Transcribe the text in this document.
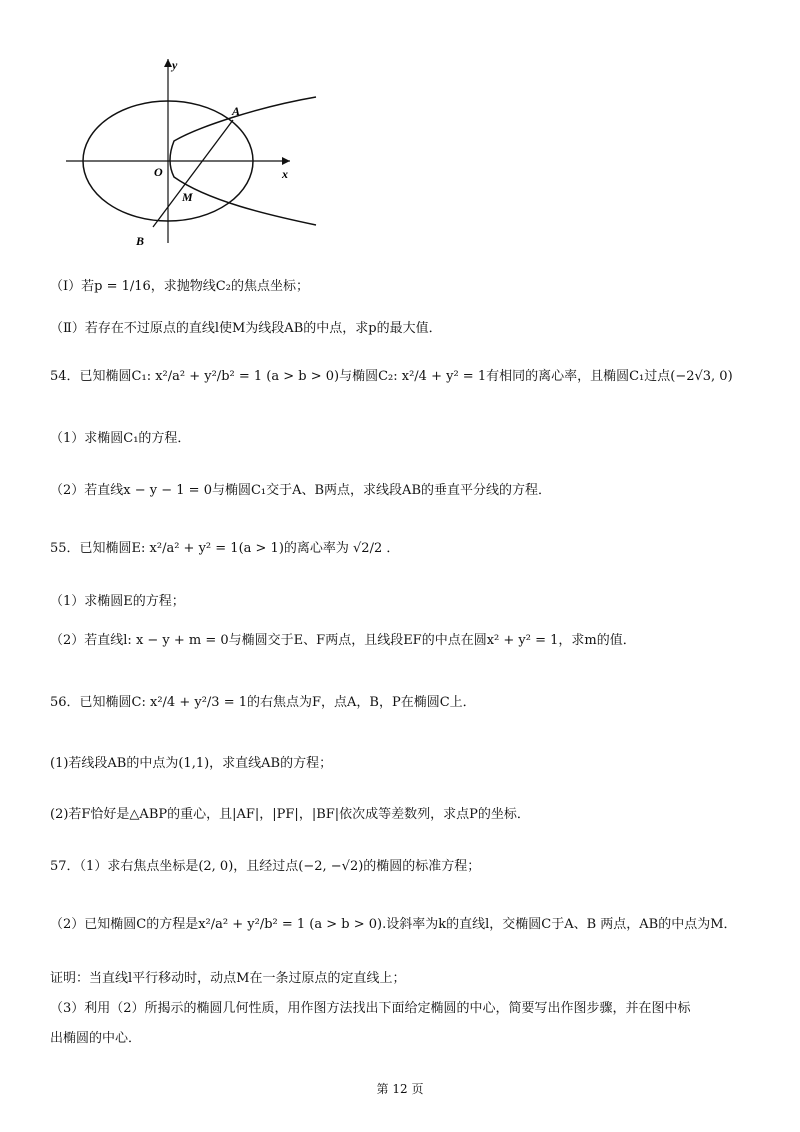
y
x
O
A
M
B
（Ⅰ）若p = 1/16，求抛物线C₂的焦点坐标；
（Ⅱ）若存在不过原点的直线l使M为线段AB的中点，求p的最大值．
54．已知椭圆C₁: x²/a² + y²/b² = 1 (a > b > 0)与椭圆C₂: x²/4 + y² = 1有相同的离心率，且椭圆C₁过点(−2√3, 0)
（1）求椭圆C₁的方程．
（2）若直线x − y − 1 = 0与椭圆C₁交于A、B两点，求线段AB的垂直平分线的方程．
55．已知椭圆E: x²/a² + y² = 1(a > 1)的离心率为 √2/2 ．
（1）求椭圆E的方程；
（2）若直线l: x − y + m = 0与椭圆交于E、F两点，且线段EF的中点在圆x² + y² = 1，求m的值．
56．已知椭圆C: x²/4 + y²/3 = 1的右焦点为F，点A，B，P在椭圆C上．
(1)若线段AB的中点为(1,1)，求直线AB的方程；
(2)若F恰好是△ABP的重心，且|AF|，|PF|，|BF|依次成等差数列，求点P的坐标．
57．（1）求右焦点坐标是(2, 0)，且经过点(−2, −√2)的椭圆的标准方程；
（2）已知椭圆C的方程是x²/a² + y²/b² = 1 (a > b > 0).设斜率为k的直线l，交椭圆C于A、B 两点，AB的中点为M．
证明：当直线l平行移动时，动点M在一条过原点的定直线上；
（3）利用（2）所揭示的椭圆几何性质，用作图方法找出下面给定椭圆的中心，简要写出作图步骤，并在图中标
出椭圆的中心．
第 12 页
